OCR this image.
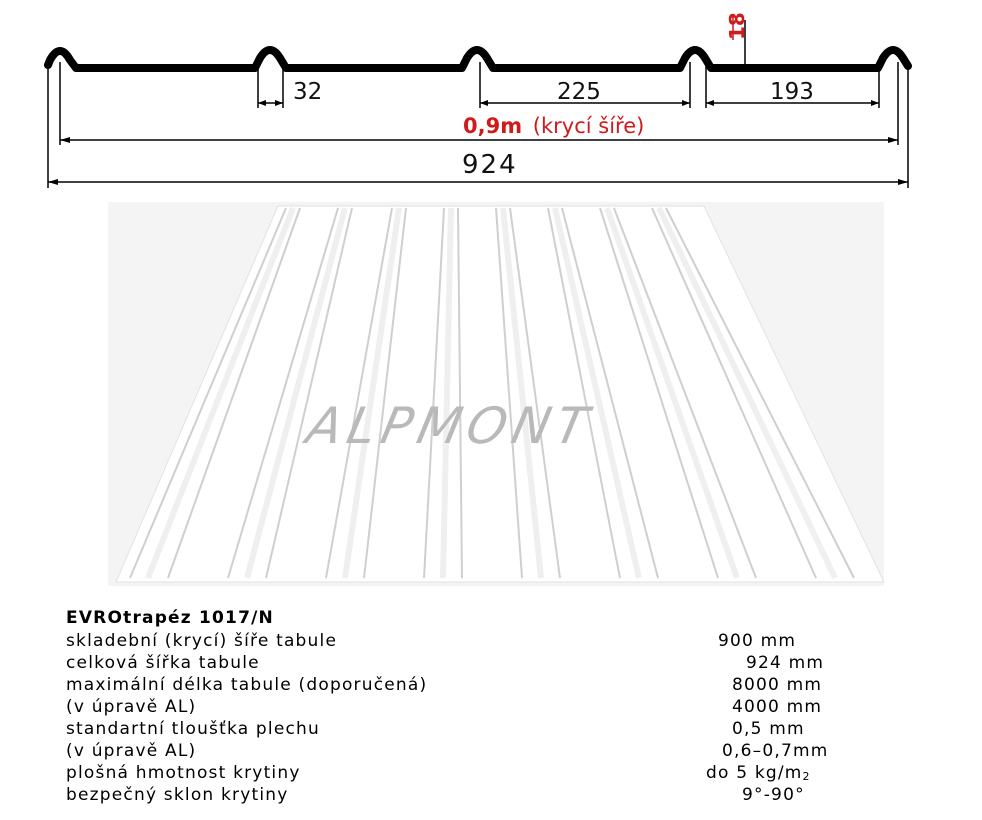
18
32	225	193
0,9m (krycí šíře)
924
ALPMONT
EVROtrapéz 1017/N
skladební (krycí) šíře tabule	900 mm
celková šířka tabule	924 mm
maximální délka tabule (doporučená)	8000 mm
(v úpravě AL)	4000 mm
standartní tloušťka plechu	0,5 mm
(v úpravě AL)	0,6–0,7mm
plošná hmotnost krytiny	do 5 $kg/m_2$
bezpečný sklon krytiny	9°-90°
